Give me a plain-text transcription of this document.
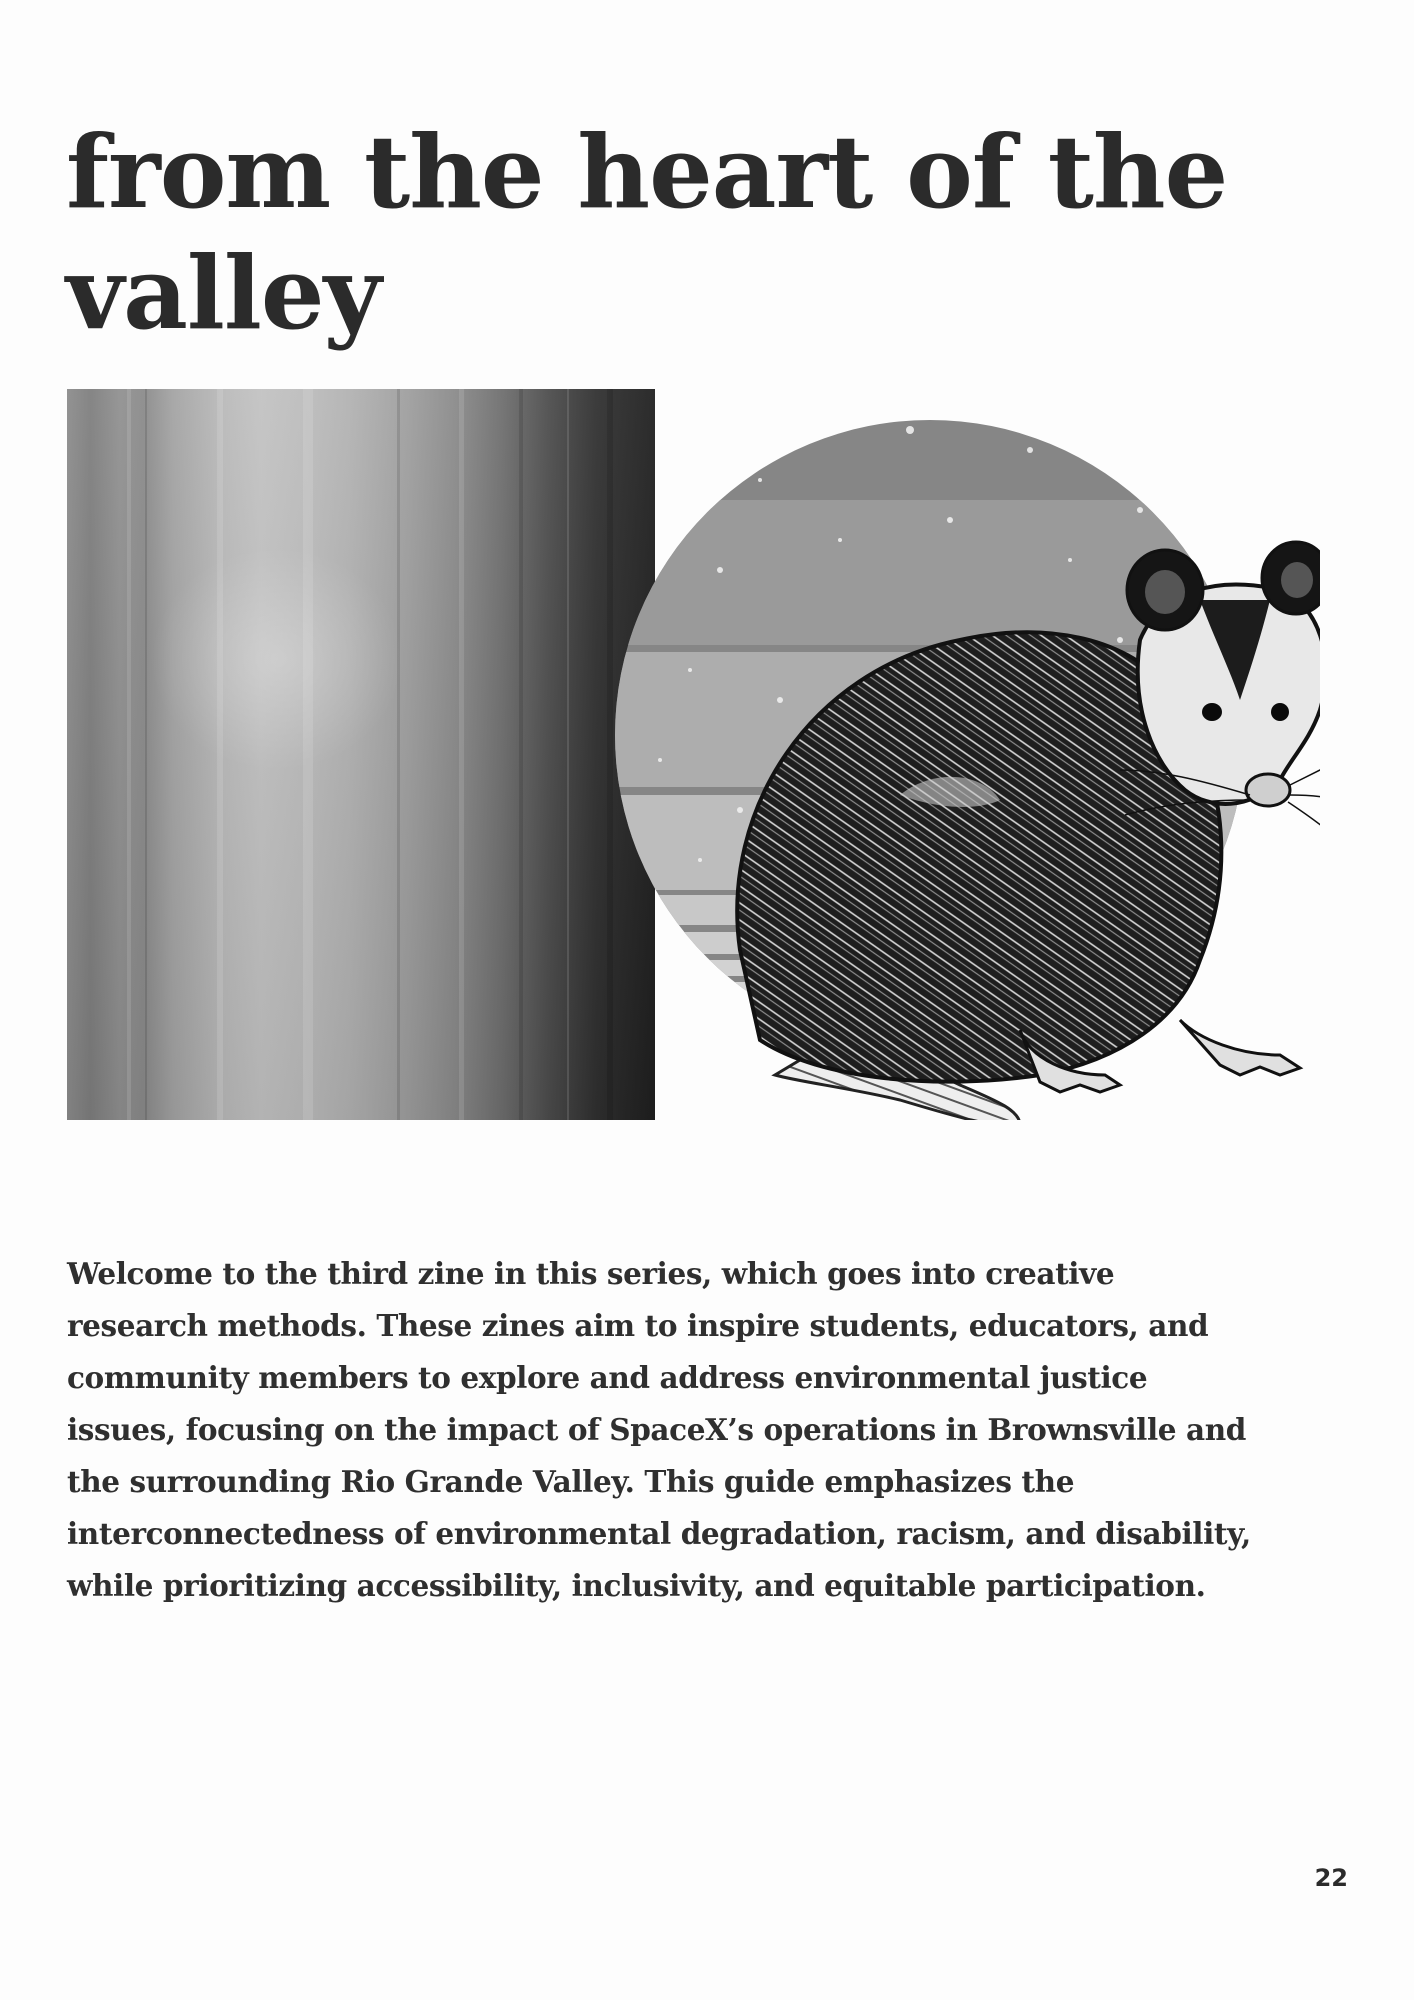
from the heart of the valley

Welcome to the third zine in this series, which goes into creative
research methods. These zines aim to inspire students, educators, and
community members to explore and address environmental justice
issues, focusing on the impact of SpaceX’s operations in Brownsville and
the surrounding Rio Grande Valley. This guide emphasizes the
interconnectedness of environmental degradation, racism, and disability,
while prioritizing accessibility, inclusivity, and equitable participation.

22
